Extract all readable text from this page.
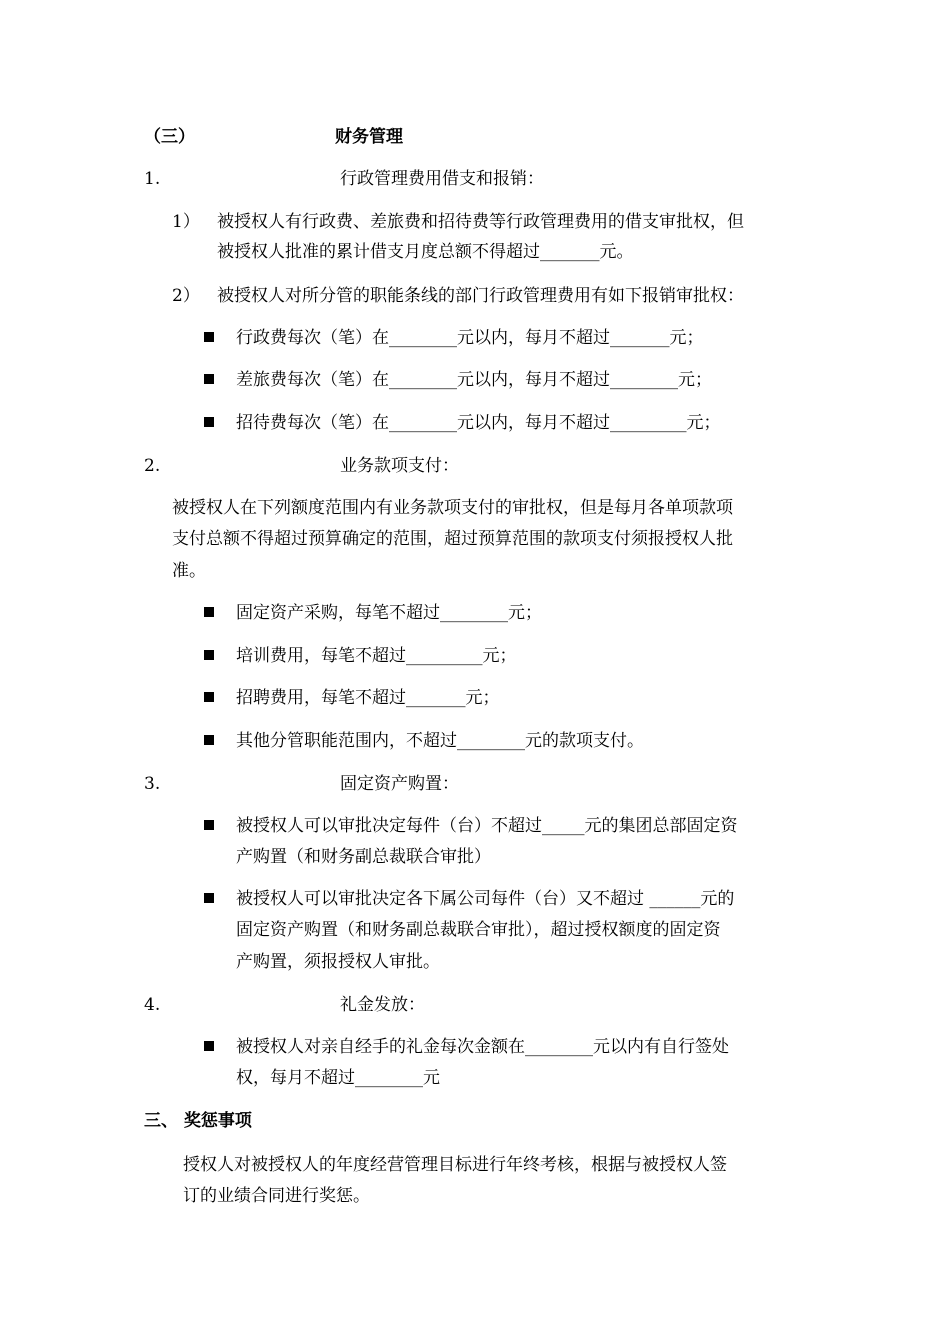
（三）	财务管理
1.	行政管理费用借支和报销：
1） 被授权人有行政费、差旅费和招待费等行政管理费用的借支审批权，但
被授权人批准的累计借支月度总额不得超过_______元。
2） 被授权人对所分管的职能条线的部门行政管理费用有如下报销审批权：
行政费每次（笔）在________元以内，每月不超过_______元；
差旅费每次（笔）在________元以内，每月不超过________元；
招待费每次（笔）在________元以内，每月不超过_________元；
2.	业务款项支付：
被授权人在下列额度范围内有业务款项支付的审批权，但是每月各单项款项
支付总额不得超过预算确定的范围，超过预算范围的款项支付须报授权人批
准。
固定资产采购，每笔不超过________元；
培训费用，每笔不超过_________元；
招聘费用，每笔不超过_______元；
其他分管职能范围内，不超过________元的款项支付。
3.	固定资产购置：
被授权人可以审批决定每件（台）不超过_____元的集团总部固定资
产购置（和财务副总裁联合审批）
被授权人可以审批决定各下属公司每件（台）又不超过 ______元的
固定资产购置（和财务副总裁联合审批），超过授权额度的固定资
产购置，须报授权人审批。
4.	礼金发放：
被授权人对亲自经手的礼金每次金额在________元以内有自行签处
权，每月不超过________元
三、 奖惩事项
授权人对被授权人的年度经营管理目标进行年终考核，根据与被授权人签
订的业绩合同进行奖惩。
